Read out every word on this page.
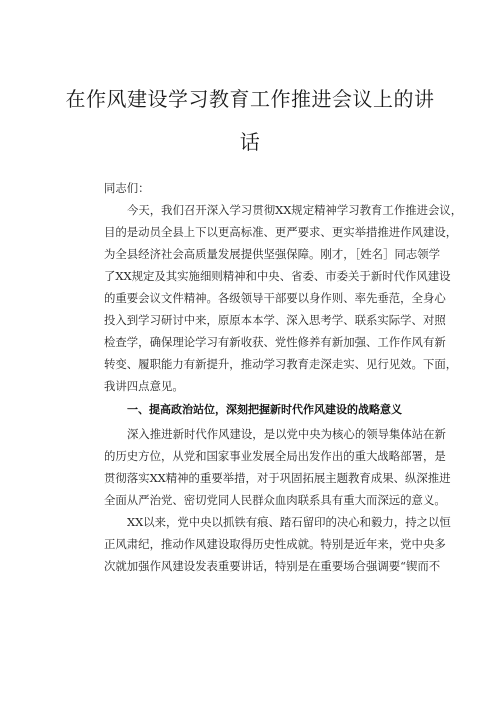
在作风建设学习教育工作推进会议上的讲
话
同志们：
今天，我们召开深入学习贯彻XX规定精神学习教育工作推进会议，
目的是动员全县上下以更高标准、更严要求、更实举措推进作风建设，
为全县经济社会高质量发展提供坚强保障。刚才，［姓名］同志领学
了XX规定及其实施细则精神和中央、省委、市委关于新时代作风建设
的重要会议文件精神。各级领导干部要以身作则、率先垂范，全身心
投入到学习研讨中来，原原本本学、深入思考学、联系实际学、对照
检查学，确保理论学习有新收获、党性修养有新加强、工作作风有新
转变、履职能力有新提升，推动学习教育走深走实、见行见效。下面，
我讲四点意见。
一、提高政治站位，深刻把握新时代作风建设的战略意义
深入推进新时代作风建设，是以党中央为核心的领导集体站在新
的历史方位，从党和国家事业发展全局出发作出的重大战略部署，是
贯彻落实XX精神的重要举措，对于巩固拓展主题教育成果、纵深推进
全面从严治党、密切党同人民群众血肉联系具有重大而深远的意义。
XX以来，党中央以抓铁有痕、踏石留印的决心和毅力，持之以恒
正风肃纪，推动作风建设取得历史性成就。特别是近年来，党中央多
次就加强作风建设发表重要讲话，特别是在重要场合强调要“锲而不
